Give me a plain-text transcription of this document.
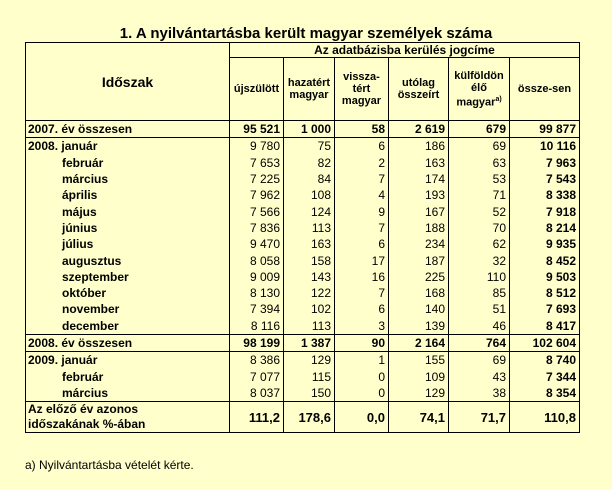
1. A nyilvántartásba került magyar személyek száma
Időszak	Az adatbázisba kerülés jogcíme					
	újszülött	hazatért magyar	vissza-tért magyar	utólag összeírt	külföldön élő magyar$^{a)}$	össze-sen
2007. év összesen	95 521	1 000	58	2 619	679	99 877
2008. január	9 780	75	6	186	69	10 116
február	7 653	82	2	163	63	7 963
március	7 225	84	7	174	53	7 543
április	7 962	108	4	193	71	8 338
május	7 566	124	9	167	52	7 918
június	7 836	113	7	188	70	8 214
július	9 470	163	6	234	62	9 935
augusztus	8 058	158	17	187	32	8 452
szeptember	9 009	143	16	225	110	9 503
október	8 130	122	7	168	85	8 512
november	7 394	102	6	140	51	7 693
december	8 116	113	3	139	46	8 417
2008. év összesen	98 199	1 387	90	2 164	764	102 604
2009. január	8 386	129	1	155	69	8 740
február	7 077	115	0	109	43	7 344
március	8 037	150	0	129	38	8 354

Az előző év azonos
időszakának %-ában	111,2	178,6	0,0	74,1	71,7	110,8
a) Nyilvántartásba vételét kérte.
